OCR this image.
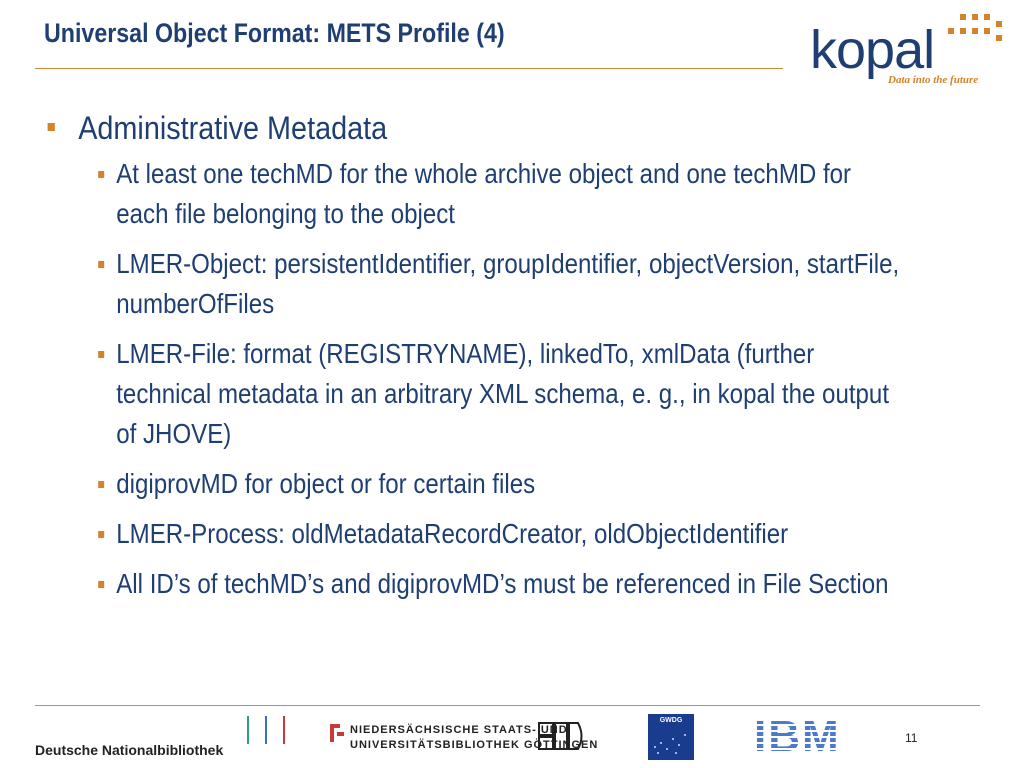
Universal Object Format: METS Profile (4)	kopal
Data into the future
Administrative Metadata
At least one techMD for the whole archive object and one techMD for each file belonging to the object
LMER-Object: persistentIdentifier, groupIdentifier, objectVersion, startFile, numberOfFiles
LMER-File: format (REGISTRYNAME), linkedTo, xmlData (further technical metadata in an arbitrary XML schema, e. g., in kopal the output of JHOVE)
digiprovMD for object or for certain files
LMER-Process: oldMetadataRecordCreator, oldObjectIdentifier
All ID’s of techMD’s and digiprovMD’s must be referenced in File Section
Deutsche Nationalbibliothek
NIEDERSÄCHSISCHE STAATS- UND
UNIVERSITÄTSBIBLIOTHEK GÖTTINGEN
GWDG IBM	11
